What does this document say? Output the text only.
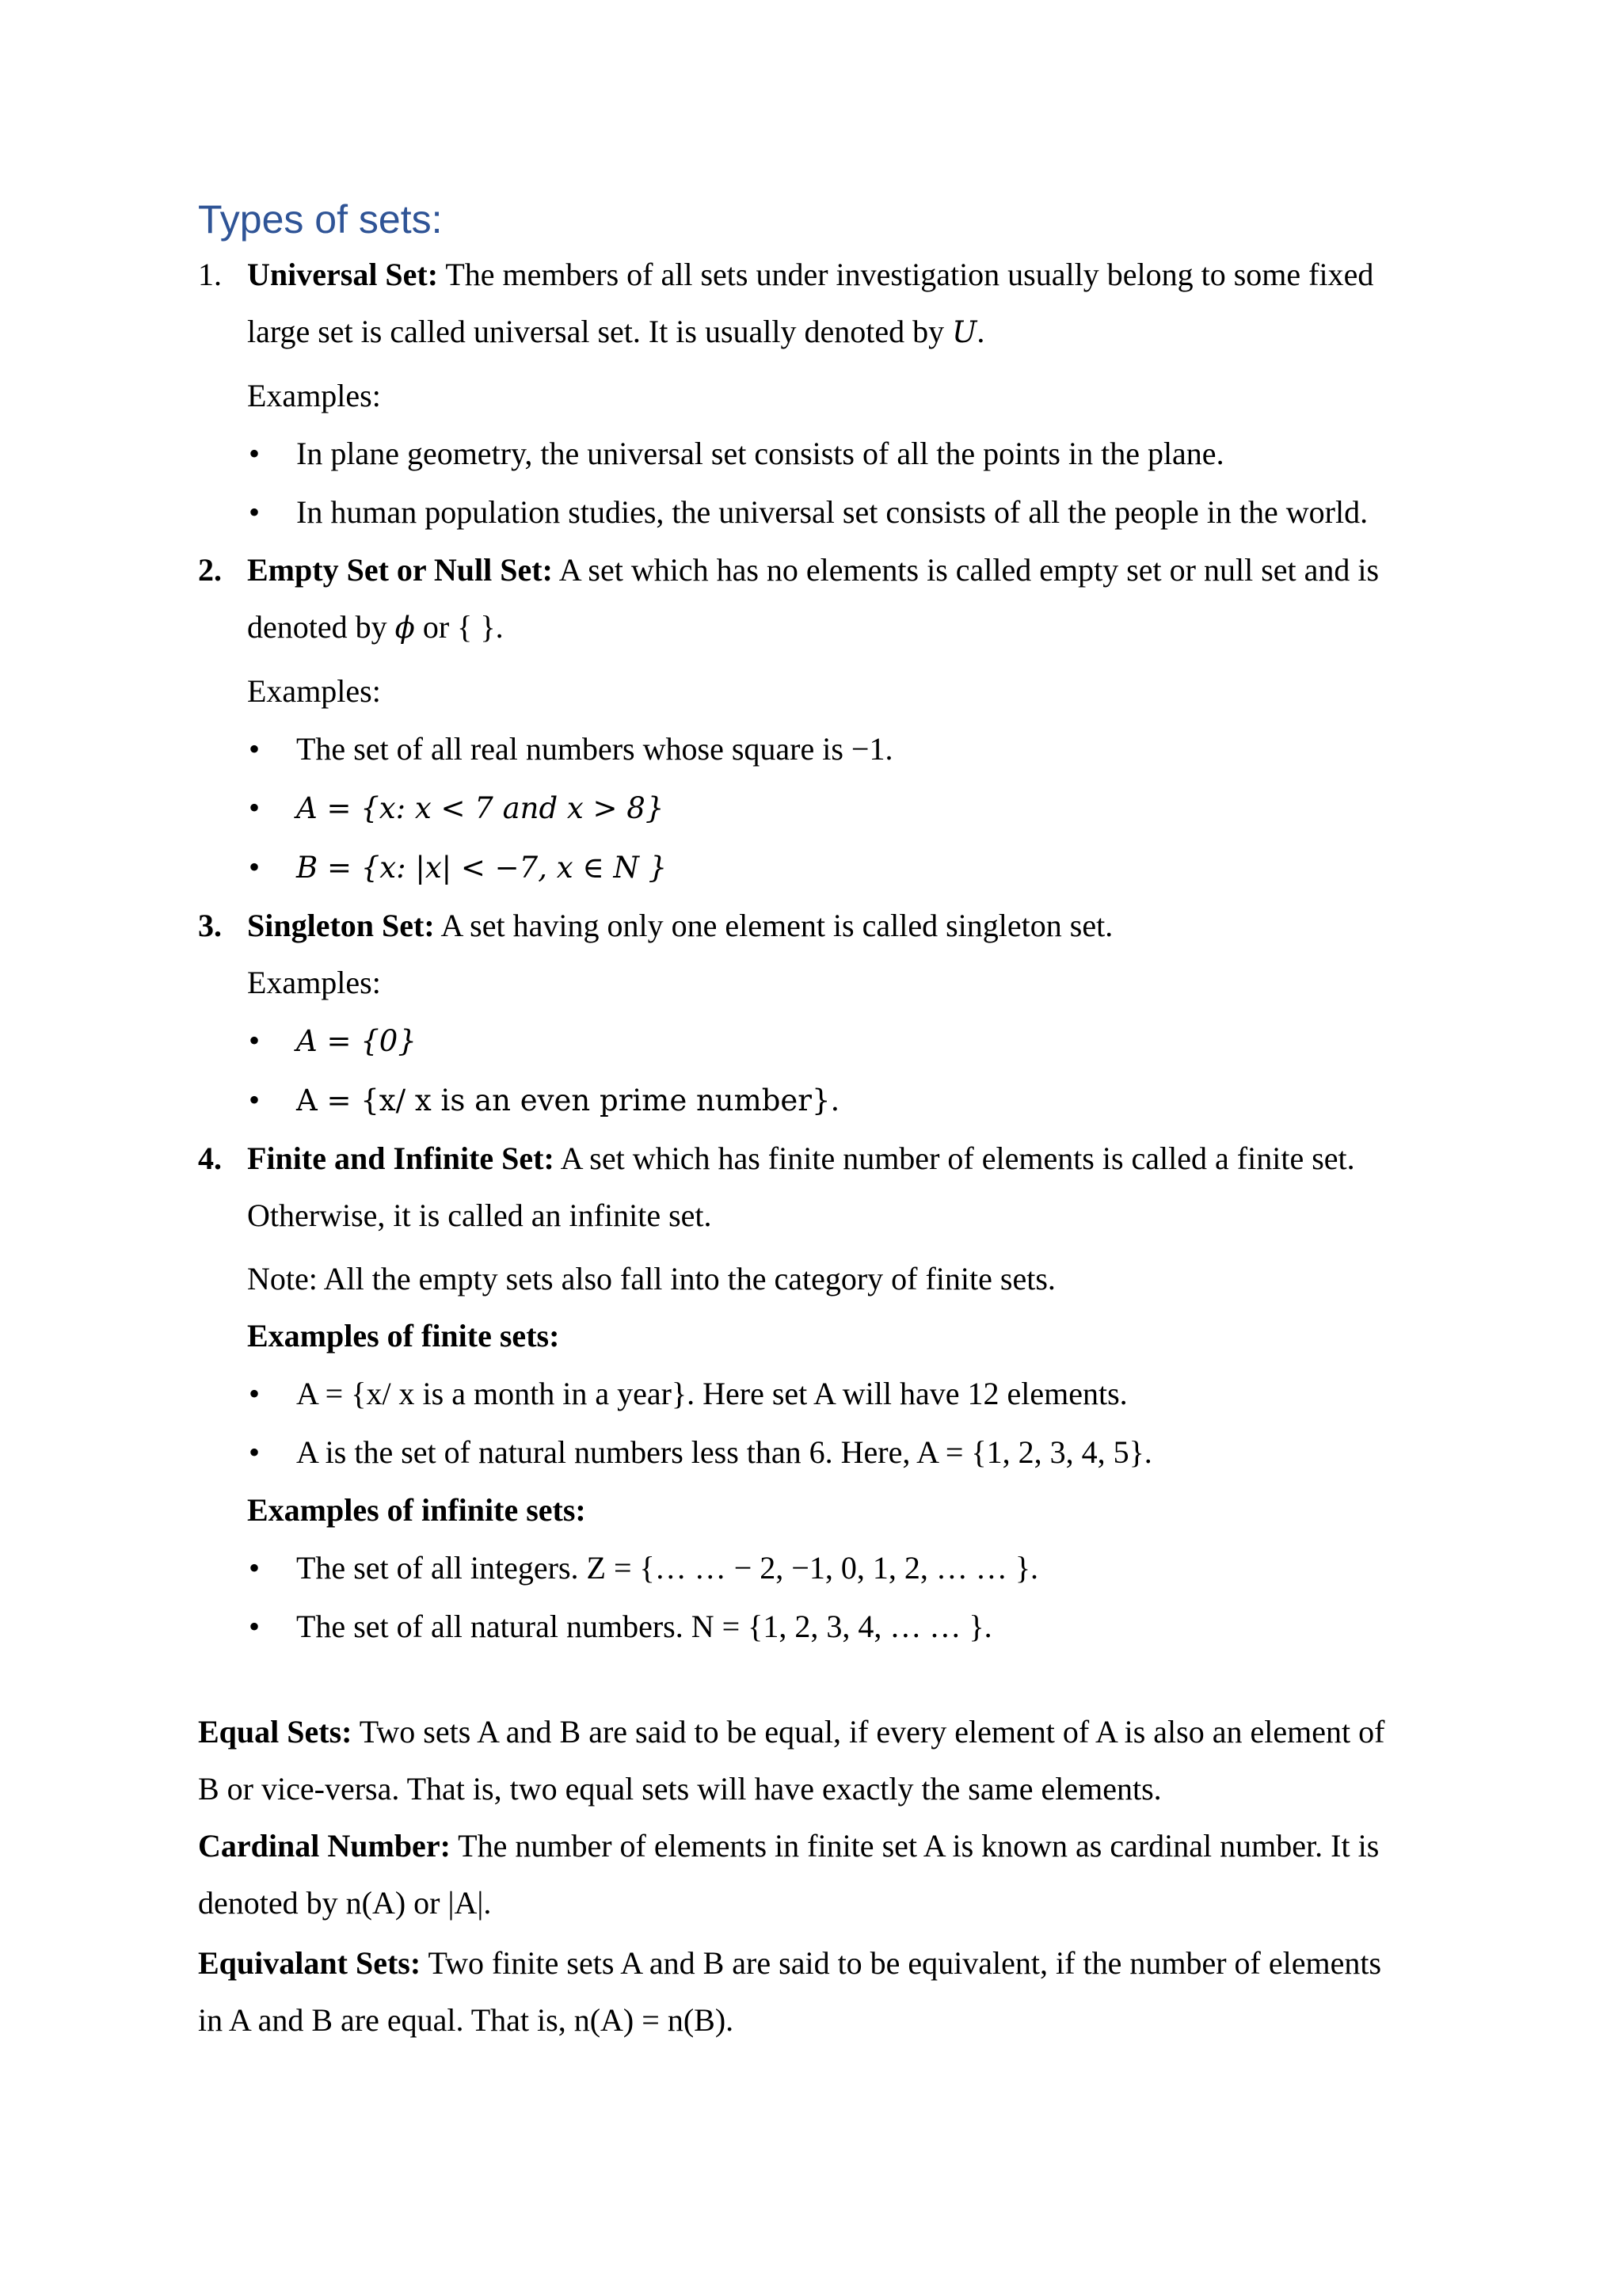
Types of sets:
1. Universal Set: The members of all sets under investigation usually belong to some fixed
large set is called universal set. It is usually denoted by U.
Examples:
• In plane geometry, the universal set consists of all the points in the plane.
• In human population studies, the universal set consists of all the people in the world.
2. Empty Set or Null Set: A set which has no elements is called empty set or null set and is
denoted by ϕ or { }.
Examples:
• The set of all real numbers whose square is −1.
• A = {x: x < 7 and x > 8}
• B = {x: |x| < −7, x ∈ N }
3. Singleton Set: A set having only one element is called singleton set.
Examples:
• A = {0}
• A = {x/ x is an even prime number}.
4. Finite and Infinite Set: A set which has finite number of elements is called a finite set.
Otherwise, it is called an infinite set.
Note: All the empty sets also fall into the category of finite sets.
Examples of finite sets:
• A = {x/ x is a month in a year}. Here set A will have 12 elements.
• A is the set of natural numbers less than 6. Here, A = {1, 2, 3, 4, 5}.
Examples of infinite sets:
• The set of all integers. Z = {… … − 2, −1, 0, 1, 2, … … }.
• The set of all natural numbers. N = {1, 2, 3, 4, … … }.
Equal Sets: Two sets A and B are said to be equal, if every element of A is also an element of
B or vice-versa. That is, two equal sets will have exactly the same elements.
Cardinal Number: The number of elements in finite set A is known as cardinal number. It is
denoted by n(A) or |A|.
Equivalant Sets: Two finite sets A and B are said to be equivalent, if the number of elements
in A and B are equal. That is, n(A) = n(B).
